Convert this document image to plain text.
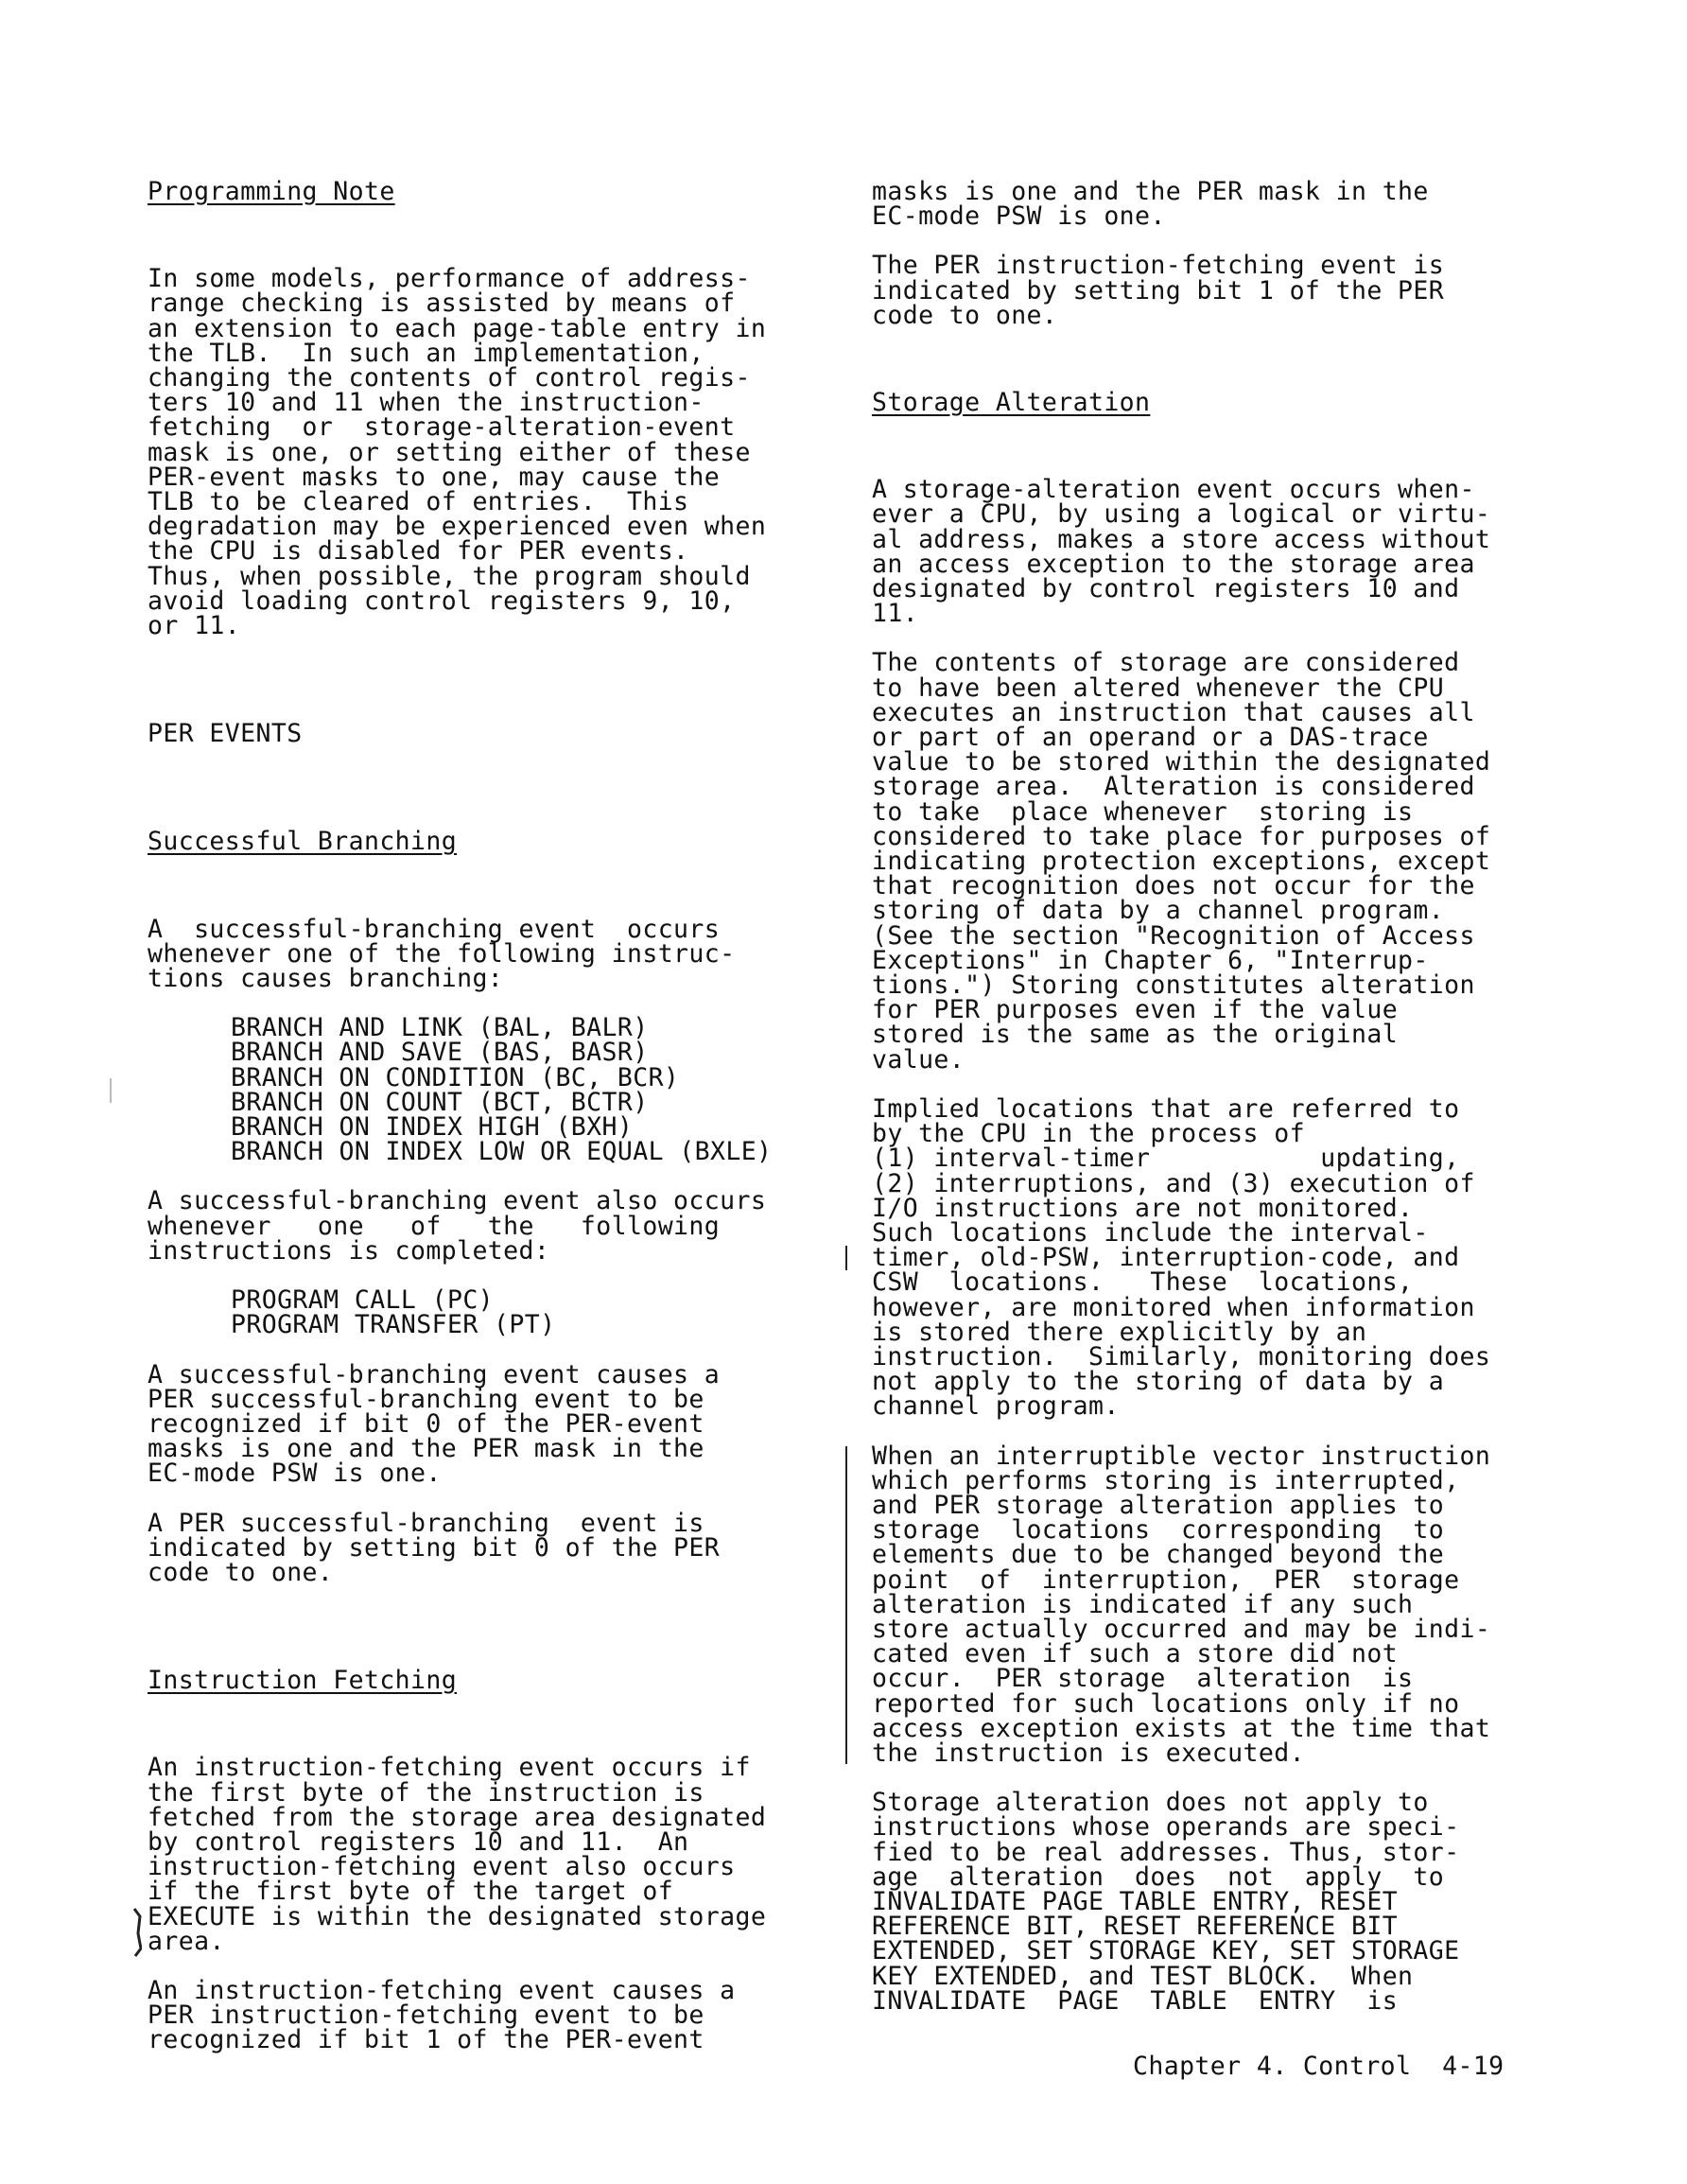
Programming Note

In some models, performance of address-
range checking is assisted by means of
an extension to each page-table entry in
the TLB.  In such an implementation,
changing the contents of control regis-
ters 10 and 11 when the instruction-
fetching  or  storage-alteration-event
mask is one, or setting either of these
PER-event masks to one, may cause the
TLB to be cleared of entries.  This
degradation may be experienced even when
the CPU is disabled for PER events.
Thus, when possible, the program should
avoid loading control registers 9, 10,
or 11.

PER EVENTS
Successful Branching

A  successful-branching event  occurs
whenever one of the following instruc-
tions causes branching:

BRANCH AND LINK (BAL, BALR)
BRANCH AND SAVE (BAS, BASR)
BRANCH ON CONDITION (BC, BCR)
BRANCH ON COUNT (BCT, BCTR)
BRANCH ON INDEX HIGH (BXH)
BRANCH ON INDEX LOW OR EQUAL (BXLE)

A successful-branching event also occurs
whenever   one   of   the   following
instructions is completed:

PROGRAM CALL (PC)
PROGRAM TRANSFER (PT)

A successful-branching event causes a
PER successful-branching event to be
recognized if bit 0 of the PER-event
masks is one and the PER mask in the
EC-mode PSW is one.

A PER successful-branching  event is
indicated by setting bit 0 of the PER
code to one.

Instruction Fetching

An instruction-fetching event occurs if
the first byte of the instruction is
fetched from the storage area designated
by control registers 10 and 11.  An
instruction-fetching event also occurs
if the first byte of the target of
EXECUTE is within the designated storage
area.

An instruction-fetching event causes a
PER instruction-fetching event to be
recognized if bit 1 of the PER-event

masks is one and the PER mask in the
EC-mode PSW is one.

The PER instruction-fetching event is
indicated by setting bit 1 of the PER
code to one.

Storage Alteration

A storage-alteration event occurs when-
ever a CPU, by using a logical or virtu-
al address, makes a store access without
an access exception to the storage area
designated by control registers 10 and
11.

The contents of storage are considered
to have been altered whenever the CPU
executes an instruction that causes all
or part of an operand or a DAS-trace
value to be stored within the designated
storage area.  Alteration is considered
to take  place whenever  storing is
considered to take place for purposes of
indicating protection exceptions, except
that recognition does not occur for the
storing of data by a channel program.
(See the section "Recognition of Access
Exceptions" in Chapter 6, "Interrup-
tions.") Storing constitutes alteration
for PER purposes even if the value
stored is the same as the original
value.

Implied locations that are referred to
by the CPU in the process of
(1) interval-timer           updating,
(2) interruptions, and (3) execution of
I/O instructions are not monitored.
Such locations include the interval-

timer, old-PSW, interruption-code, and

CSW  locations.   These  locations,
however, are monitored when information
is stored there explicitly by an
instruction.  Similarly, monitoring does
not apply to the storing of data by a
channel program.

When an interruptible vector instruction
which performs storing is interrupted,
and PER storage alteration applies to
storage  locations  corresponding  to
elements due to be changed beyond the
point  of  interruption,  PER  storage
alteration is indicated if any such
store actually occurred and may be indi-
cated even if such a store did not
occur.  PER storage  alteration  is
reported for such locations only if no
access exception exists at the time that
the instruction is executed.

Storage alteration does not apply to
instructions whose operands are speci-
fied to be real addresses. Thus, stor-
age  alteration  does  not  apply  to
INVALIDATE PAGE TABLE ENTRY, RESET
REFERENCE BIT, RESET REFERENCE BIT
EXTENDED, SET STORAGE KEY, SET STORAGE
KEY EXTENDED, and TEST BLOCK.  When
INVALIDATE  PAGE  TABLE  ENTRY  is

Chapter 4. Control  4-19
